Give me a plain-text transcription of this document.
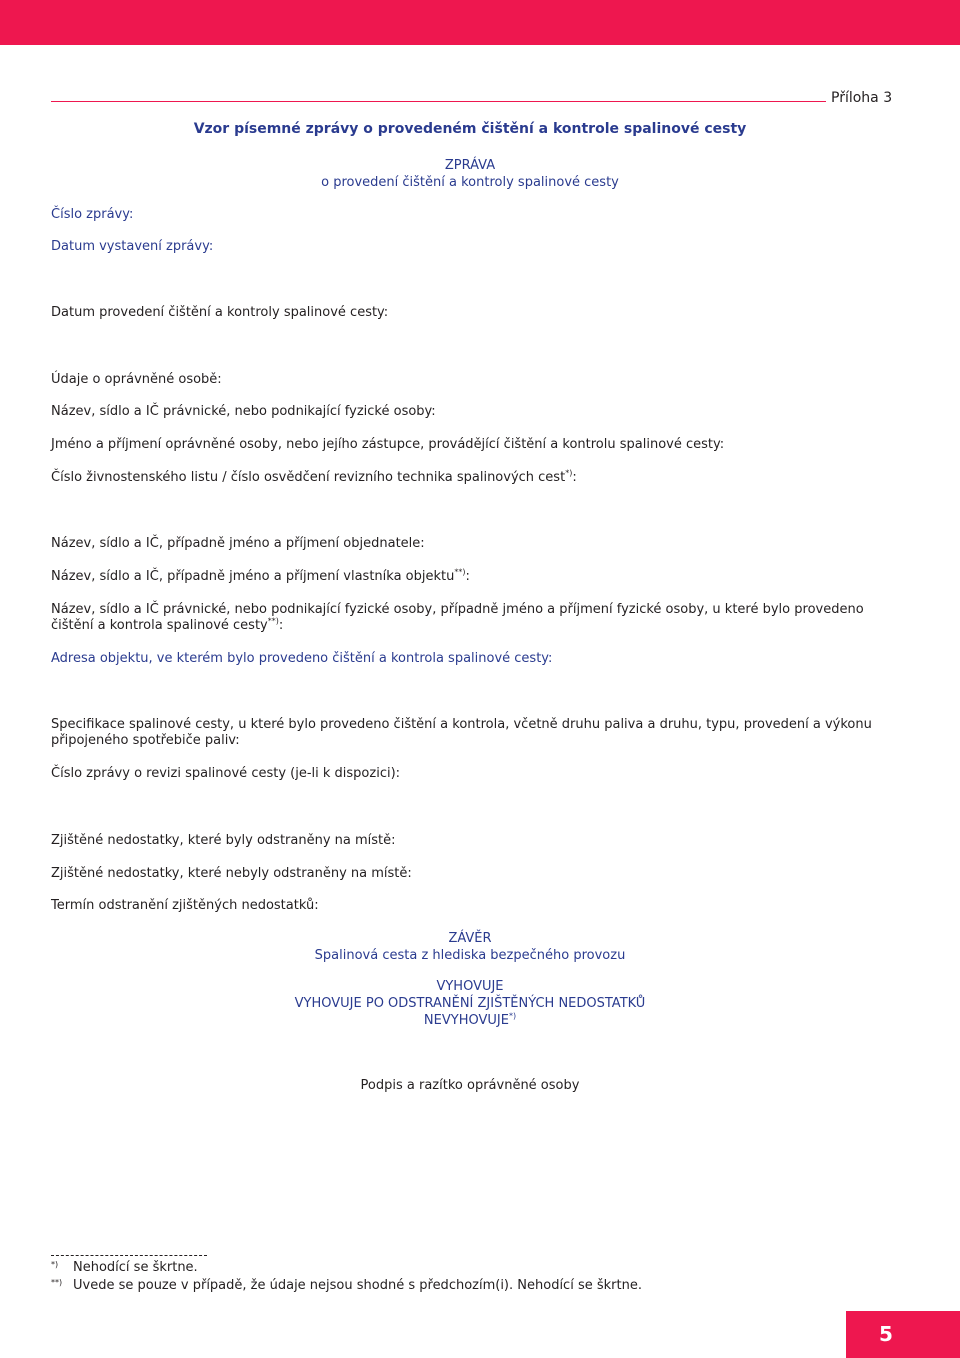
Příloha 3
Vzor písemné zprávy o provedeném čištění a kontrole spalinové cesty
ZPRÁVA
o provedení čištění a kontroly spalinové cesty
Číslo zprávy:
Datum vystavení zprávy:
Datum provedení čištění a kontroly spalinové cesty:
Údaje o oprávněné osobě:
Název, sídlo a IČ právnické, nebo podnikající fyzické osoby:
Jméno a příjmení oprávněné osoby, nebo jejího zástupce, provádějící čištění a kontrolu spalinové cesty:
Číslo živnostenského listu / číslo osvědčení revizního technika spalinových cest*):
Název, sídlo a IČ, případně jméno a příjmení objednatele:
Název, sídlo a IČ, případně jméno a příjmení vlastníka objektu**):
Název, sídlo a IČ právnické, nebo podnikající fyzické osoby, případně jméno a příjmení fyzické osoby, u které bylo provedeno čištění a kontrola spalinové cesty**):
Adresa objektu, ve kterém bylo provedeno čištění a kontrola spalinové cesty:
Specifikace spalinové cesty, u které bylo provedeno čištění a kontrola, včetně druhu paliva a druhu, typu, provedení a výkonu připojeného spotřebiče paliv:
Číslo zprávy o revizi spalinové cesty (je-li k dispozici):
Zjištěné nedostatky, které byly odstraněny na místě:
Zjištěné nedostatky, které nebyly odstraněny na místě:
Termín odstranění zjištěných nedostatků:
ZÁVĚR
Spalinová cesta z hlediska bezpečného provozu
VYHOVUJE
VYHOVUJE PO ODSTRANĚNÍ ZJIŠTĚNÝCH NEDOSTATKŮ
NEVYHOVUJE*)
Podpis a razítko oprávněné osoby
*) Nehodící se škrtne.
**) Uvede se pouze v případě, že údaje nejsou shodné s předchozím(i). Nehodící se škrtne.
5
